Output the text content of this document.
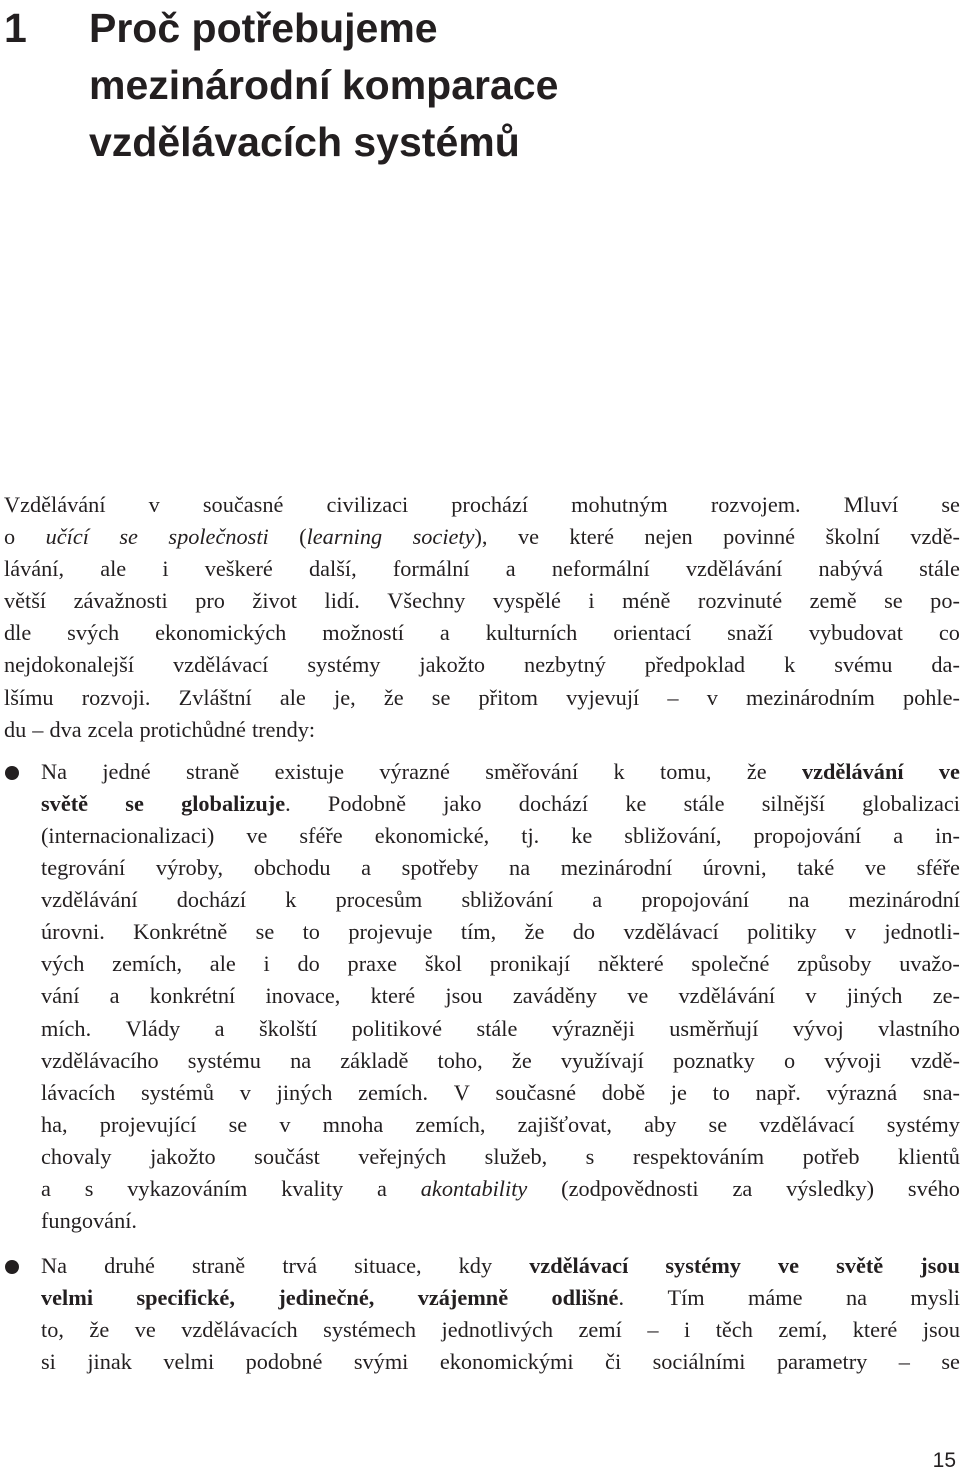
1 Proč potřebujeme
mezinárodní komparace
vzdělávacích systémů
Vzdělávání v současné civilizaci prochází mohutným rozvojem. Mluví se
o učící se společnosti (learning society), ve které nejen povinné školní vzdě-
lávání, ale i veškeré další, formální a neformální vzdělávání nabývá stále
větší závažnosti pro život lidí. Všechny vyspělé i méně rozvinuté země se po-
dle svých ekonomických možností a kulturních orientací snaží vybudovat co
nejdokonalejší vzdělávací systémy jakožto nezbytný předpoklad k svému da-
lšímu rozvoji. Zvláštní ale je, že se přitom vyjevují – v mezinárodním pohle-
du – dva zcela protichůdné trendy:
Na jedné straně existuje výrazné směřování k tomu, že vzdělávání ve
světě se globalizuje. Podobně jako dochází ke stále silnější globalizaci
(internacionalizaci) ve sféře ekonomické, tj. ke sbližování, propojování a in-
tegrování výroby, obchodu a spotřeby na mezinárodní úrovni, také ve sféře
vzdělávání dochází k procesům sbližování a propojování na mezinárodní
úrovni. Konkrétně se to projevuje tím, že do vzdělávací politiky v jednotli-
vých zemích, ale i do praxe škol pronikají některé společné způsoby uvažo-
vání a konkrétní inovace, které jsou zaváděny ve vzdělávání v jiných ze-
mích. Vlády a školští politikové stále výrazněji usměrňují vývoj vlastního
vzdělávacího systému na základě toho, že využívají poznatky o vývoji vzdě-
lávacích systémů v jiných zemích. V současné době je to např. výrazná sna-
ha, projevující se v mnoha zemích, zajišťovat, aby se vzdělávací systémy
chovaly jakožto součást veřejných služeb, s respektováním potřeb klientů
a s vykazováním kvality a akontability (zodpovědnosti za výsledky) svého
fungování.
Na druhé straně trvá situace, kdy vzdělávací systémy ve světě jsou
velmi specifické, jedinečné, vzájemně odlišné. Tím máme na mysli
to, že ve vzdělávacích systémech jednotlivých zemí – i těch zemí, které jsou
si jinak velmi podobné svými ekonomickými či sociálními parametry – se
15
